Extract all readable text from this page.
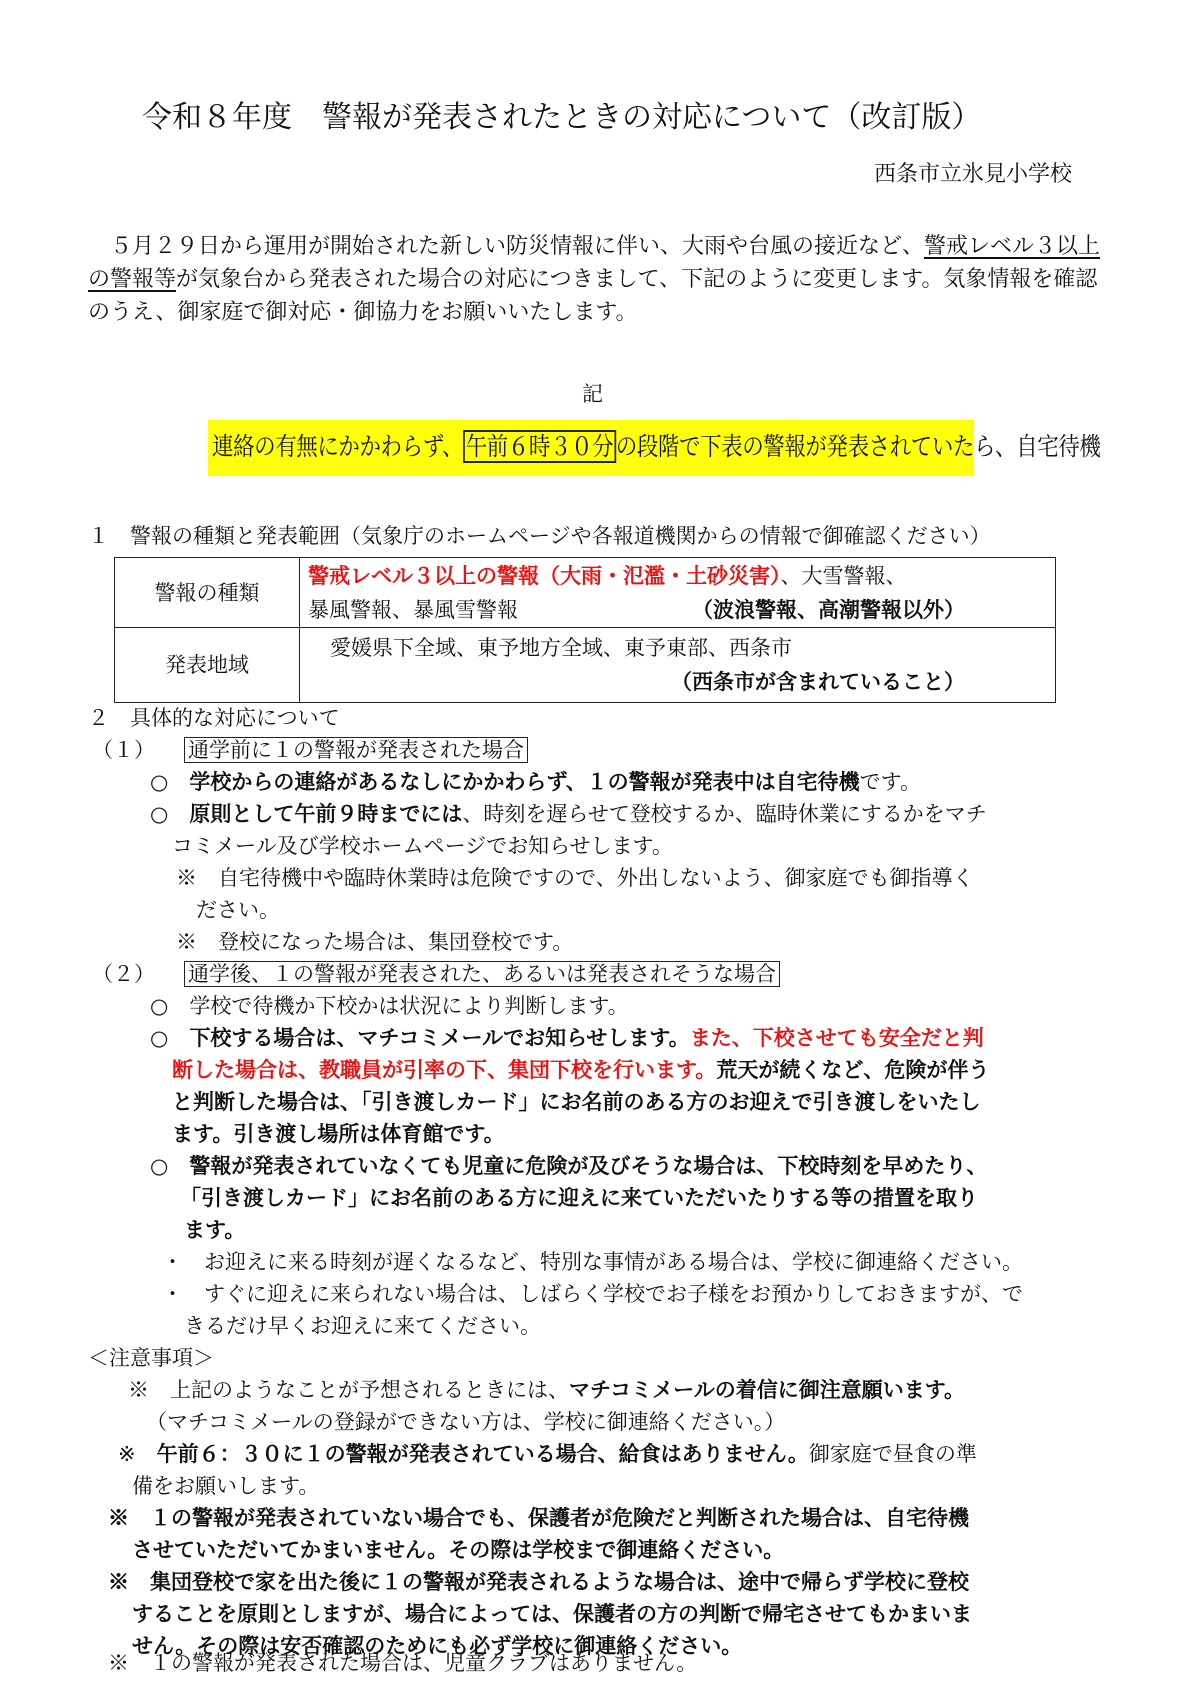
令和８年度　警報が発表されたときの対応について（改訂版）
西条市立氷見小学校
５月２９日から運用が開始された新しい防災情報に伴い、大雨や台風の接近など、警戒レベル３以上の警報等が気象台から発表された場合の対応につきまして、下記のように変更します。気象情報を確認のうえ、御家庭で御対応・御協力をお願いいたします。
記
連絡の有無にかかわらず、 午前６時３０分 の段階で下表の警報が発表されていたら、自宅待機
１　警報の種類と発表範囲（気象庁のホームページや各報道機関からの情報で御確認ください）
警報の種類	警戒レベル３以上の警報（大雨・氾濫・土砂災害）、大雪警報、
暴風警報、暴風雪警報 （波浪警報、高潮警報以外）

発表地域	愛媛県下全域、東予地方全域、東予東部、西条市
（西条市が含まれていること）
２　具体的な対応について
（１） 通学前に１の警報が発表された場合
○　学校からの連絡があるなしにかかわらず、１の警報が発表中は自宅待機です。
○　原則として午前９時までには、時刻を遅らせて登校するか、臨時休業にするかをマチ
コミメール及び学校ホームページでお知らせします。
※　自宅待機中や臨時休業時は危険ですので、外出しないよう、御家庭でも御指導く
ださい。
※　登校になった場合は、集団登校です。
（２） 通学後、１の警報が発表された、あるいは発表されそうな場合
○　学校で待機か下校かは状況により判断します。
○　下校する場合は、マチコミメールでお知らせします。また、下校させても安全だと判
断した場合は、教職員が引率の下、集団下校を行います。荒天が続くなど、危険が伴う
と判断した場合は、「引き渡しカード」にお名前のある方のお迎えで引き渡しをいたし
ます。引き渡し場所は体育館です。
○　警報が発表されていなくても児童に危険が及びそうな場合は、下校時刻を早めたり、
「引き渡しカード」にお名前のある方に迎えに来ていただいたりする等の措置を取り
ます。
・　お迎えに来る時刻が遅くなるなど、特別な事情がある場合は、学校に御連絡ください。
・　すぐに迎えに来られない場合は、しばらく学校でお子様をお預かりしておきますが、で
きるだけ早くお迎えに来てください。
＜注意事項＞
※　上記のようなことが予想されるときには、マチコミメールの着信に御注意願います。
（マチコミメールの登録ができない方は、学校に御連絡ください。）
※　午前６：３０に１の警報が発表されている場合、給食はありません。御家庭で昼食の準
備をお願いします。
※　１の警報が発表されていない場合でも、保護者が危険だと判断された場合は、自宅待機
させていただいてかまいません。その際は学校まで御連絡ください。
※　集団登校で家を出た後に１の警報が発表されるような場合は、途中で帰らず学校に登校
することを原則としますが、場合によっては、保護者の方の判断で帰宅させてもかまいま
せん。その際は安否確認のためにも必ず学校に御連絡ください。
※　１の警報が発表された場合は、児童クラブはありません。
